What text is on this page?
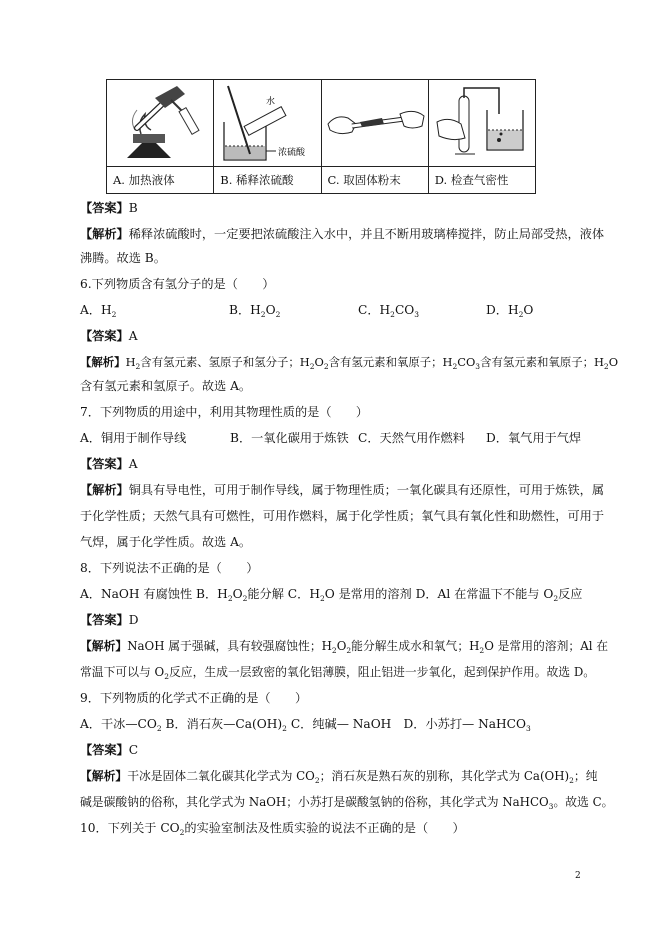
水
浓硫酸

A. 加热液体	B. 稀释浓硫酸	C. 取固体粉末	D. 检查气密性
【答案】B
【解析】稀释浓硫酸时，一定要把浓硫酸注入水中，并且不断用玻璃棒搅拌，防止局部受热，液体
沸腾。故选 B。
6.下列物质含有氢分子的是（　　）
A．$H_2$	B．$H_2O_2$	C．$H_2CO_3$	D．$H_2O$
【答案】A
【解析】$H_2$含有氢元素、氢原子和氢分子；$H_2O_2$含有氢元素和氧原子；$H_2CO_3$含有氢元素和氧原子；$H_2O$
含有氢元素和氢原子。故选 A。
7．下列物质的用途中，利用其物理性质的是（　　）
A．铜用于制作导线	B．一氧化碳用于炼铁 C．天然气用作燃料 D．氧气用于气焊
【答案】A
【解析】铜具有导电性，可用于制作导线，属于物理性质；一氧化碳具有还原性，可用于炼铁，属
于化学性质；天然气具有可燃性，可用作燃料，属于化学性质；氧气具有氧化性和助燃性，可用于
气焊，属于化学性质。故选 A。
8．下列说法不正确的是（　　）
A．NaOH 有腐蚀性 B．$H_2O_2$能分解 C．$H_2O$ 是常用的溶剂 D．Al 在常温下不能与 $O_2$反应
【答案】D
【解析】NaOH 属于强碱，具有较强腐蚀性；$H_2O_2$能分解生成水和氧气；$H_2O$ 是常用的溶剂；Al 在
常温下可以与 $O_2$反应，生成一层致密的氧化铝薄膜，阻止铝进一步氧化，起到保护作用。故选 D。
9．下列物质的化学式不正确的是（　　）
A．干冰$—CO_2$ B．消石灰$—Ca(OH)_2$ C．纯碱— NaOH　D．小苏打— NaHCO$_3$
【答案】C
【解析】干冰是固体二氧化碳其化学式为 $CO_2$；消石灰是熟石灰的别称，其化学式为 $Ca(OH)_2$；纯
碱是碳酸钠的俗称，其化学式为 NaOH；小苏打是碳酸氢钠的俗称，其化学式为 NaHCO$_3$。故选 C。
10．下列关于 $CO_2$的实验室制法及性质实验的说法不正确的是（　　）
2
